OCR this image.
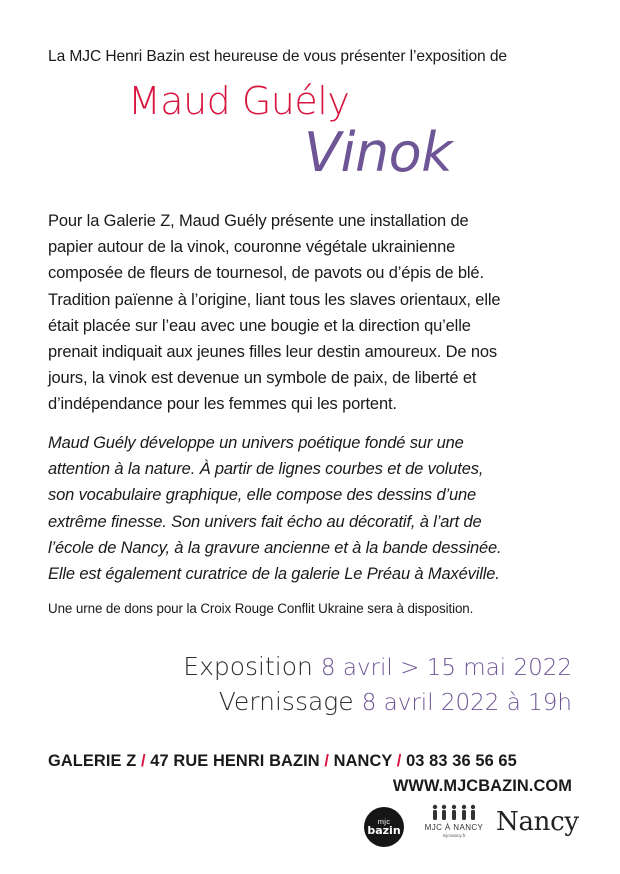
La MJC Henri Bazin est heureuse de vous présenter l’exposition de
Maud Guély
Vinok
Pour la Galerie Z, Maud Guély présente une installation de
papier autour de la vinok, couronne végétale ukrainienne
composée de fleurs de tournesol, de pavots ou d’épis de blé.
Tradition païenne à l’origine, liant tous les slaves orientaux, elle
était placée sur l’eau avec une bougie et la direction qu’elle
prenait indiquait aux jeunes filles leur destin amoureux. De nos
jours, la vinok est devenue un symbole de paix, de liberté et
d’indépendance pour les femmes qui les portent.
Maud Guély développe un univers poétique fondé sur une
attention à la nature. À partir de lignes courbes et de volutes,
son vocabulaire graphique, elle compose des dessins d’une
extrême finesse. Son univers fait écho au décoratif, à l’art de
l’école de Nancy, à la gravure ancienne et à la bande dessinée.
Elle est également curatrice de la galerie Le Préau à Maxéville.
Une urne de dons pour la Croix Rouge Conflit Ukraine sera à disposition.
Exposition 8 avril > 15 mai 2022
Vernissage 8 avril 2022 à 19h
GALERIE Z / 47 RUE HENRI BAZIN / NANCY / 03 83 36 56 65
WWW.MJCBAZIN.COM
mjc
bazin	MJC À NANCY
mjcnancy.fr	Nancy
